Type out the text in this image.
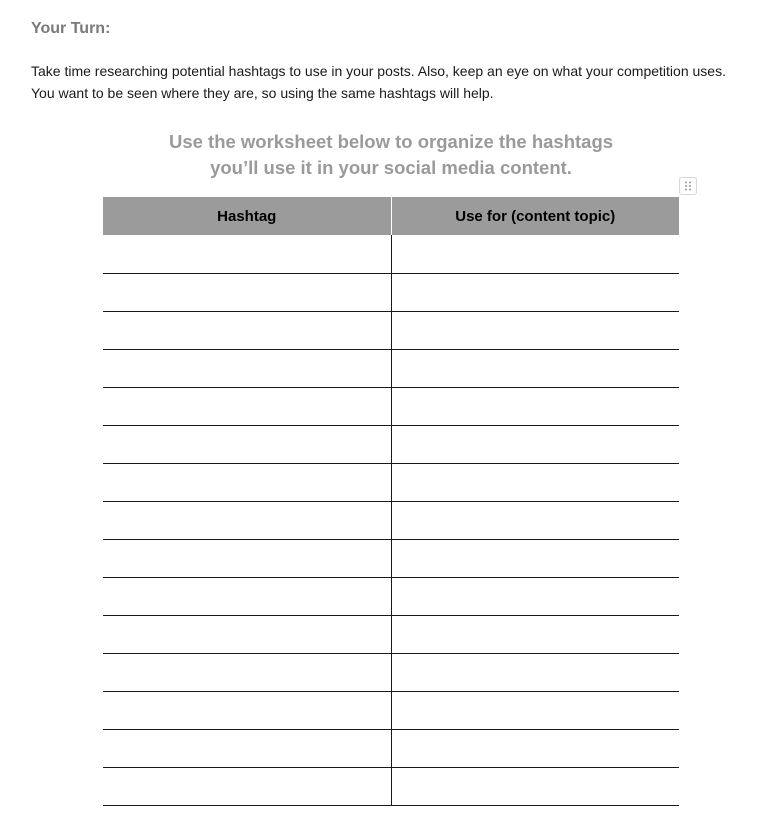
Your Turn:

Take time researching potential hashtags to use in your posts. Also, keep an eye on what your competition uses. You want to be seen where they are, so using the same hashtags will help.

Use the worksheet below to organize the hashtags
you’ll use it in your social media content.
Hashtag	Use for (content topic)
